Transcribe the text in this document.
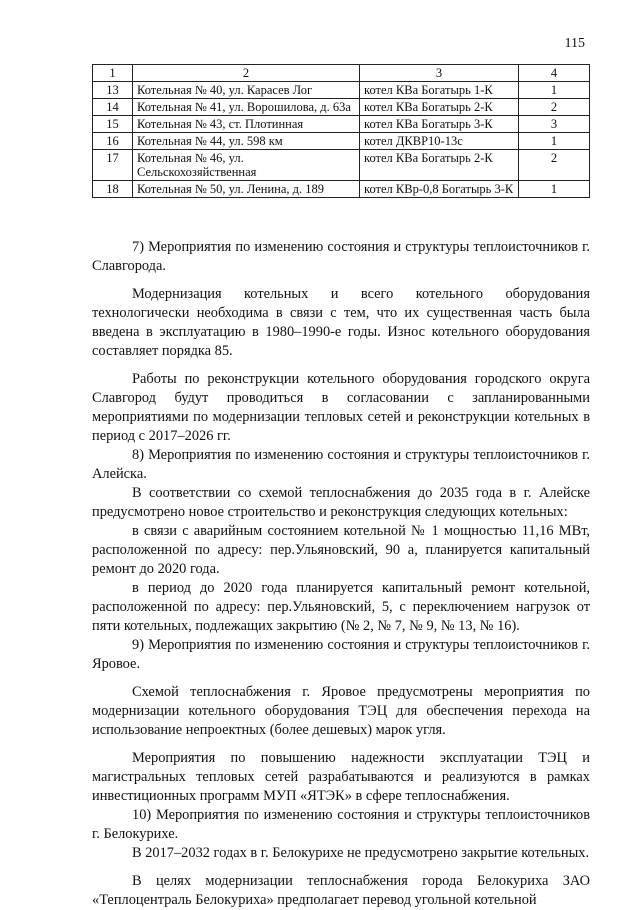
115
1	2	3	4
13	Котельная № 40, ул. Карасев Лог	котел КВа Богатырь 1-К	1
14	Котельная № 41, ул. Ворошилова, д. 63а	котел КВа Богатырь 2-К	2
15	Котельная № 43, ст. Плотинная	котел КВа Богатырь 3-К	3
16	Котельная № 44, ул. 598 км	котел ДКВР10-13с	1
17	Котельная № 46, ул. Сельскохозяйственная	котел КВа Богатырь 2-К	2
18	Котельная № 50, ул. Ленина, д. 189	котел КВр-0,8 Богатырь 3-К	1

7) Мероприятия по изменению состояния и структуры теплоисточников г. Славгорода.

Модернизация котельных и всего котельного оборудования технологически необходима в связи с тем, что их существенная часть была введена в эксплуатацию в 1980–1990-е годы. Износ котельного оборудования составляет порядка 85.

Работы по реконструкции котельного оборудования городского округа Славгород будут проводиться в согласовании с запланированными мероприятиями по модернизации тепловых сетей и реконструкции котельных в период с 2017–2026 гг.

8) Мероприятия по изменению состояния и структуры теплоисточников г. Алейска.

В соответствии со схемой теплоснабжения до 2035 года в г. Алейске предусмотрено новое строительство и реконструкция следующих котельных:

в связи с аварийным состоянием котельной № 1 мощностью 11,16 МВт, расположенной по адресу: пер.Ульяновский, 90 а, планируется капитальный ремонт до 2020 года.

в период до 2020 года планируется капитальный ремонт котельной, расположенной по адресу: пер.Ульяновский, 5, с переключением нагрузок от пяти котельных, подлежащих закрытию (№ 2, № 7, № 9, № 13, № 16).

9) Мероприятия по изменению состояния и структуры теплоисточников г. Яровое.

Схемой теплоснабжения г. Яровое предусмотрены мероприятия по модернизации котельного оборудования ТЭЦ для обеспечения перехода на использование непроектных (более дешевых) марок угля.

Мероприятия по повышению надежности эксплуатации ТЭЦ и магистральных тепловых сетей разрабатываются и реализуются в рамках инвестиционных программ МУП «ЯТЭК» в сфере теплоснабжения.

10) Мероприятия по изменению состояния и структуры теплоисточников г. Белокурихе.

В 2017–2032 годах в г. Белокурихе не предусмотрено закрытие котельных.

В целях модернизации теплоснабжения города Белокуриха ЗАО «Теплоцентраль Белокуриха» предполагает перевод угольной котельной
